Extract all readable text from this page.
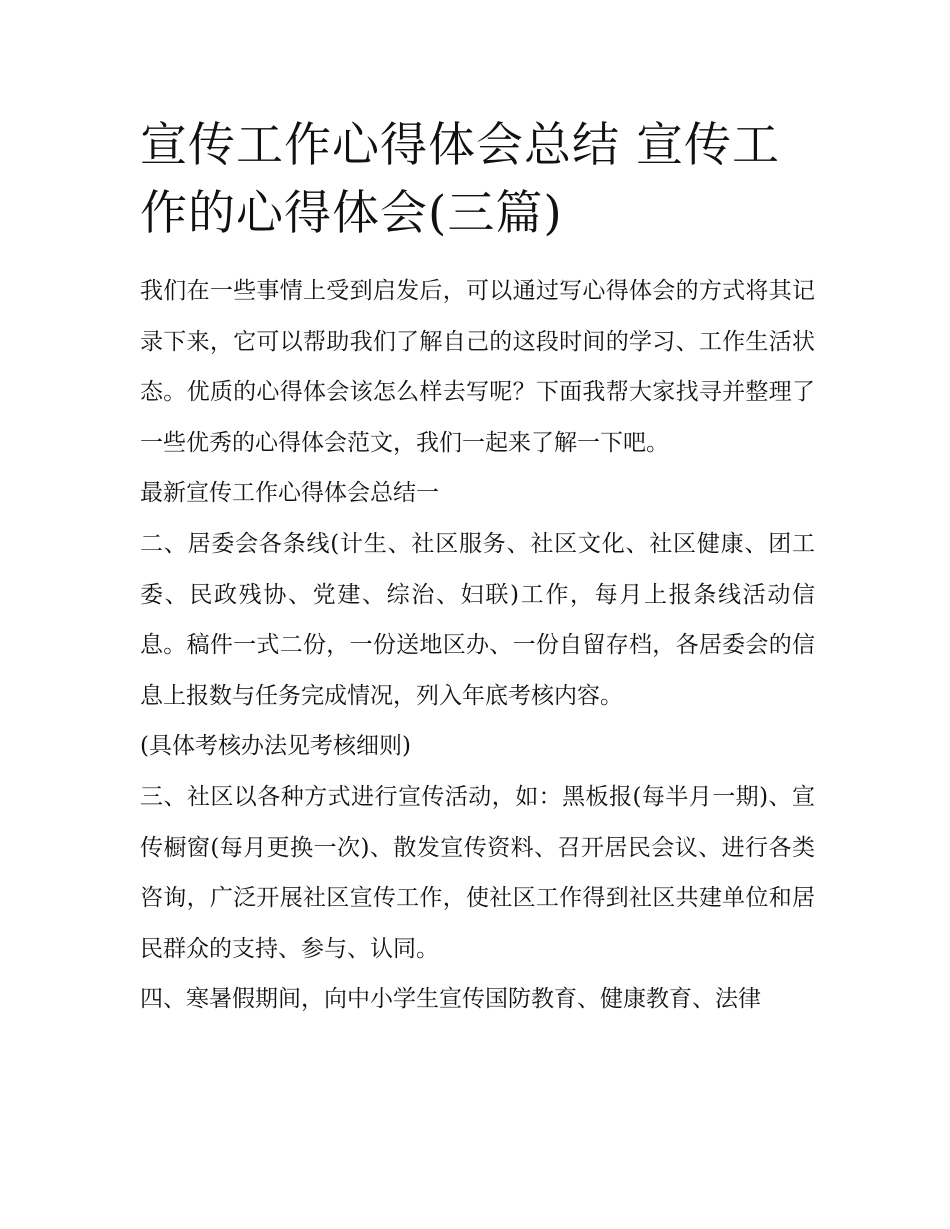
宣传工作心得体会总结 宣传工作的心得体会(三篇)

我们在一些事情上受到启发后，可以通过写心得体会的方式将其记录下来，它可以帮助我们了解自己的这段时间的学习、工作生活状态。优质的心得体会该怎么样去写呢？下面我帮大家找寻并整理了一些优秀的心得体会范文，我们一起来了解一下吧。

最新宣传工作心得体会总结一

二、居委会各条线(计生、社区服务、社区文化、社区健康、团工委、民政残协、党建、综治、妇联)工作，每月上报条线活动信息。稿件一式二份，一份送地区办、一份自留存档，各居委会的信息上报数与任务完成情况，列入年底考核内容。

(具体考核办法见考核细则)

三、社区以各种方式进行宣传活动，如：黑板报(每半月一期)、宣传橱窗(每月更换一次)、散发宣传资料、召开居民会议、进行各类咨询，广泛开展社区宣传工作，使社区工作得到社区共建单位和居民群众的支持、参与、认同。

四、寒暑假期间，向中小学生宣传国防教育、健康教育、法律
